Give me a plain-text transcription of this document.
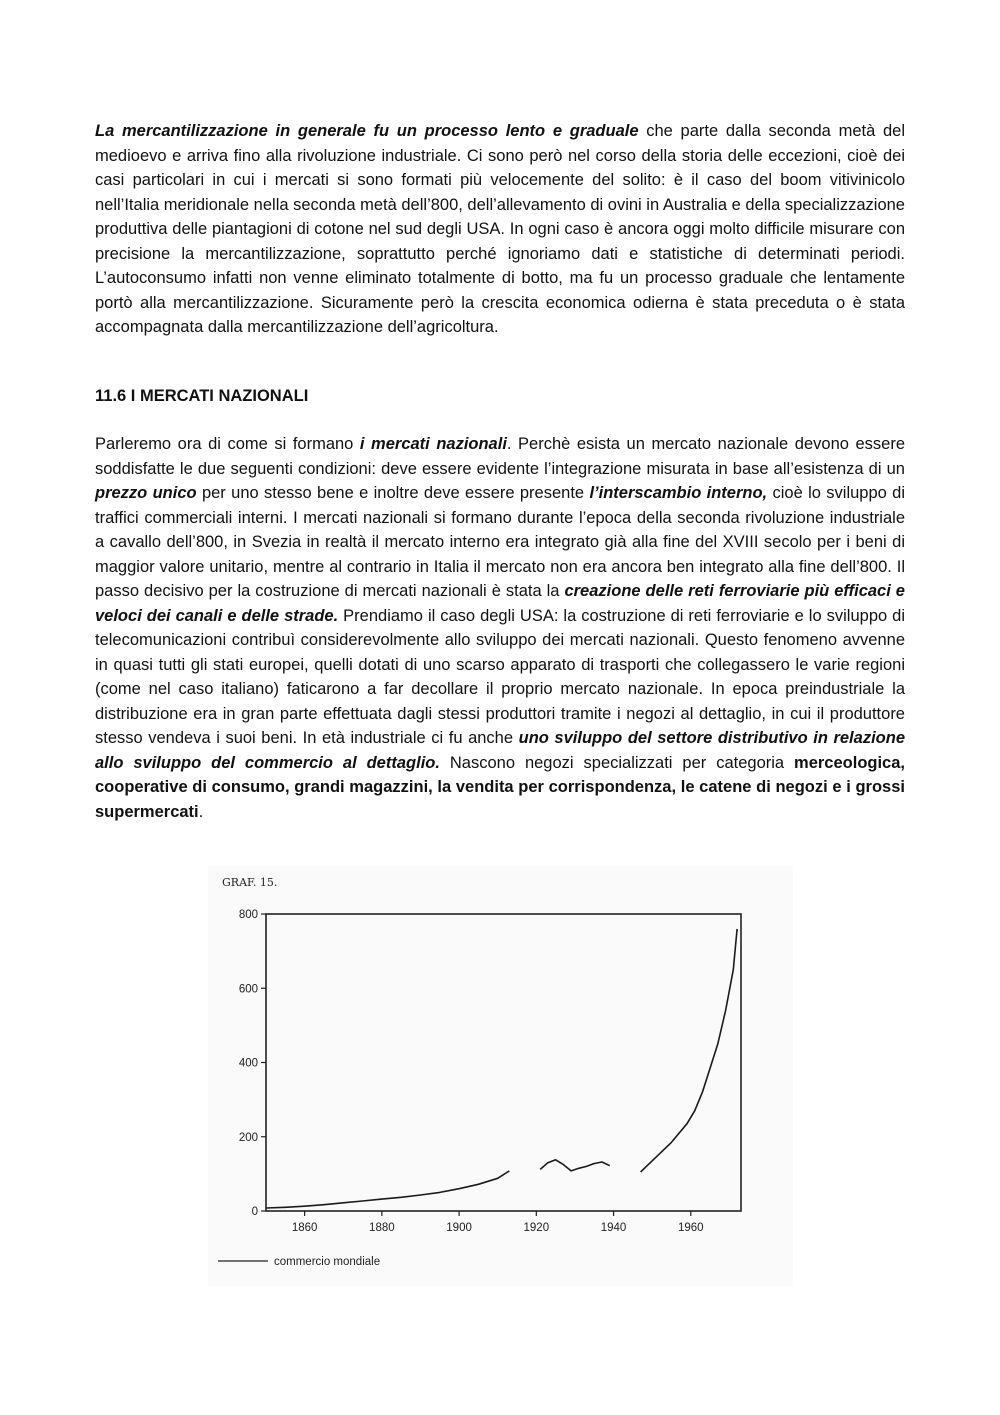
La mercantilizzazione in generale fu un processo lento e graduale che parte dalla seconda metà del medioevo e arriva fino alla rivoluzione industriale. Ci sono però nel corso della storia delle eccezioni, cioè dei casi particolari in cui i mercati si sono formati più velocemente del solito: è il caso del boom vitivinicolo nell’Italia meridionale nella seconda metà dell’800, dell’allevamento di ovini in Australia e della specializzazione produttiva delle piantagioni di cotone nel sud degli USA. In ogni caso è ancora oggi molto difficile misurare con precisione la mercantilizzazione, soprattutto perché ignoriamo dati e statistiche di determinati periodi. L’autoconsumo infatti non venne eliminato totalmente di botto, ma fu un processo graduale che lentamente portò alla mercantilizzazione. Sicuramente però la crescita economica odierna è stata preceduta o è stata accompagnata dalla mercantilizzazione dell’agricoltura.
11.6 I MERCATI NAZIONALI
Parleremo ora di come si formano i mercati nazionali. Perchè esista un mercato nazionale devono essere soddisfatte le due seguenti condizioni: deve essere evidente l’integrazione misurata in base all’esistenza di un prezzo unico per uno stesso bene e inoltre deve essere presente l’interscambio interno, cioè lo sviluppo di traffici commerciali interni. I mercati nazionali si formano durante l’epoca della seconda rivoluzione industriale a cavallo dell’800, in Svezia in realtà il mercato interno era integrato già alla fine del XVIII secolo per i beni di maggior valore unitario, mentre al contrario in Italia il mercato non era ancora ben integrato alla fine dell’800. Il passo decisivo per la costruzione di mercati nazionali è stata la creazione delle reti ferroviarie più efficaci e veloci dei canali e delle strade. Prendiamo il caso degli USA: la costruzione di reti ferroviarie e lo sviluppo di telecomunicazioni contribuì considerevolmente allo sviluppo dei mercati nazionali. Questo fenomeno avvenne in quasi tutti gli stati europei, quelli dotati di uno scarso apparato di trasporti che collegassero le varie regioni (come nel caso italiano) faticarono a far decollare il proprio mercato nazionale. In epoca preindustriale la distribuzione era in gran parte effettuata dagli stessi produttori tramite i negozi al dettaglio, in cui il produttore stesso vendeva i suoi beni. In età industriale ci fu anche uno sviluppo del settore distributivo in relazione allo sviluppo del commercio al dettaglio. Nascono negozi specializzati per categoria merceologica, cooperative di consumo, grandi magazzini, la vendita per corrispondenza, le catene di negozi e i grossi supermercati.
GRAF. 15.
0
200
400
600
800
1860	1880	1900	1920	1940	1960
commercio mondiale
